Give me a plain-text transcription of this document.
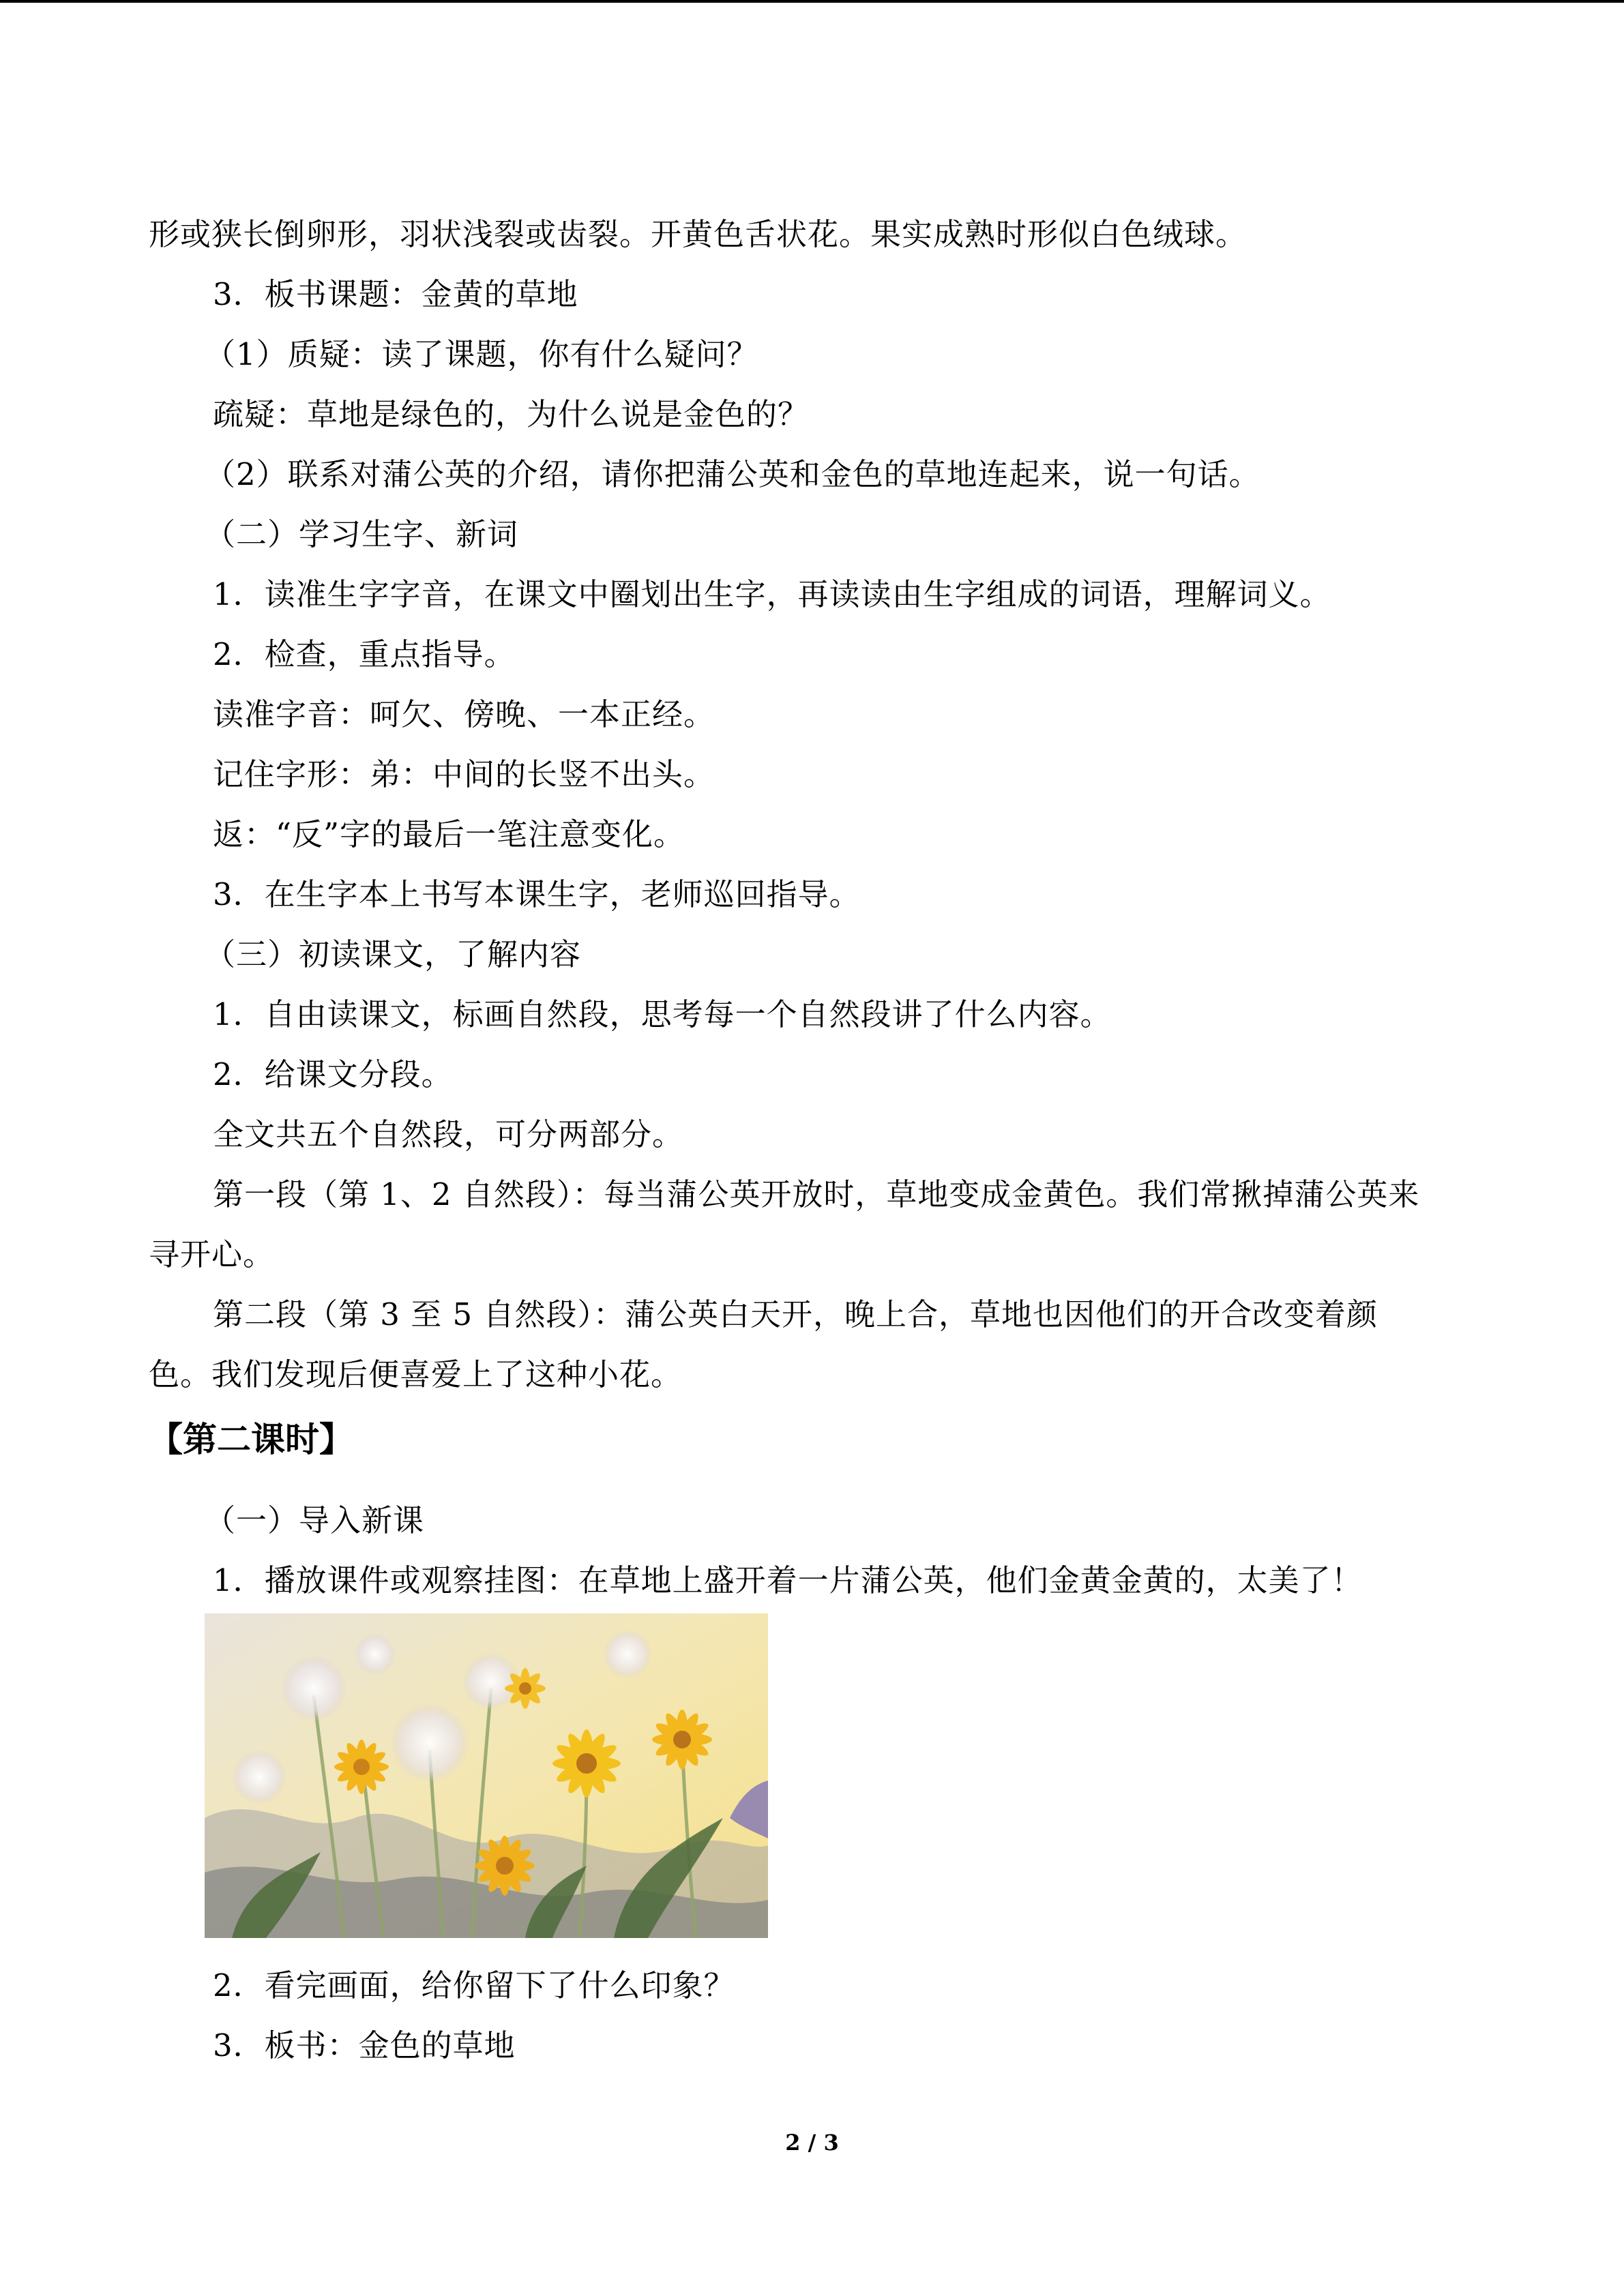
形或狭长倒卵形，羽状浅裂或齿裂。开黄色舌状花。果实成熟时形似白色绒球。
3．板书课题：金黄的草地
（1）质疑：读了课题，你有什么疑问？
疏疑：草地是绿色的，为什么说是金色的？
（2）联系对蒲公英的介绍，请你把蒲公英和金色的草地连起来，说一句话。
（二）学习生字、新词
1．读准生字字音，在课文中圈划出生字，再读读由生字组成的词语，理解词义。
2．检查，重点指导。
读准字音：呵欠、傍晚、一本正经。
记住字形：弟：中间的长竖不出头。
返：“反”字的最后一笔注意变化。
3．在生字本上书写本课生字，老师巡回指导。
（三）初读课文，了解内容
1．自由读课文，标画自然段，思考每一个自然段讲了什么内容。
2．给课文分段。
全文共五个自然段，可分两部分。
第一段（第 1、2 自然段）：每当蒲公英开放时，草地变成金黄色。我们常揪掉蒲公英来
寻开心。
第二段（第 3 至 5 自然段）：蒲公英白天开，晚上合，草地也因他们的开合改变着颜
色。我们发现后便喜爱上了这种小花。
【第二课时】
（一）导入新课
1．播放课件或观察挂图：在草地上盛开着一片蒲公英，他们金黄金黄的，太美了！
2．看完画面，给你留下了什么印象？
3．板书：金色的草地
2 / 3
